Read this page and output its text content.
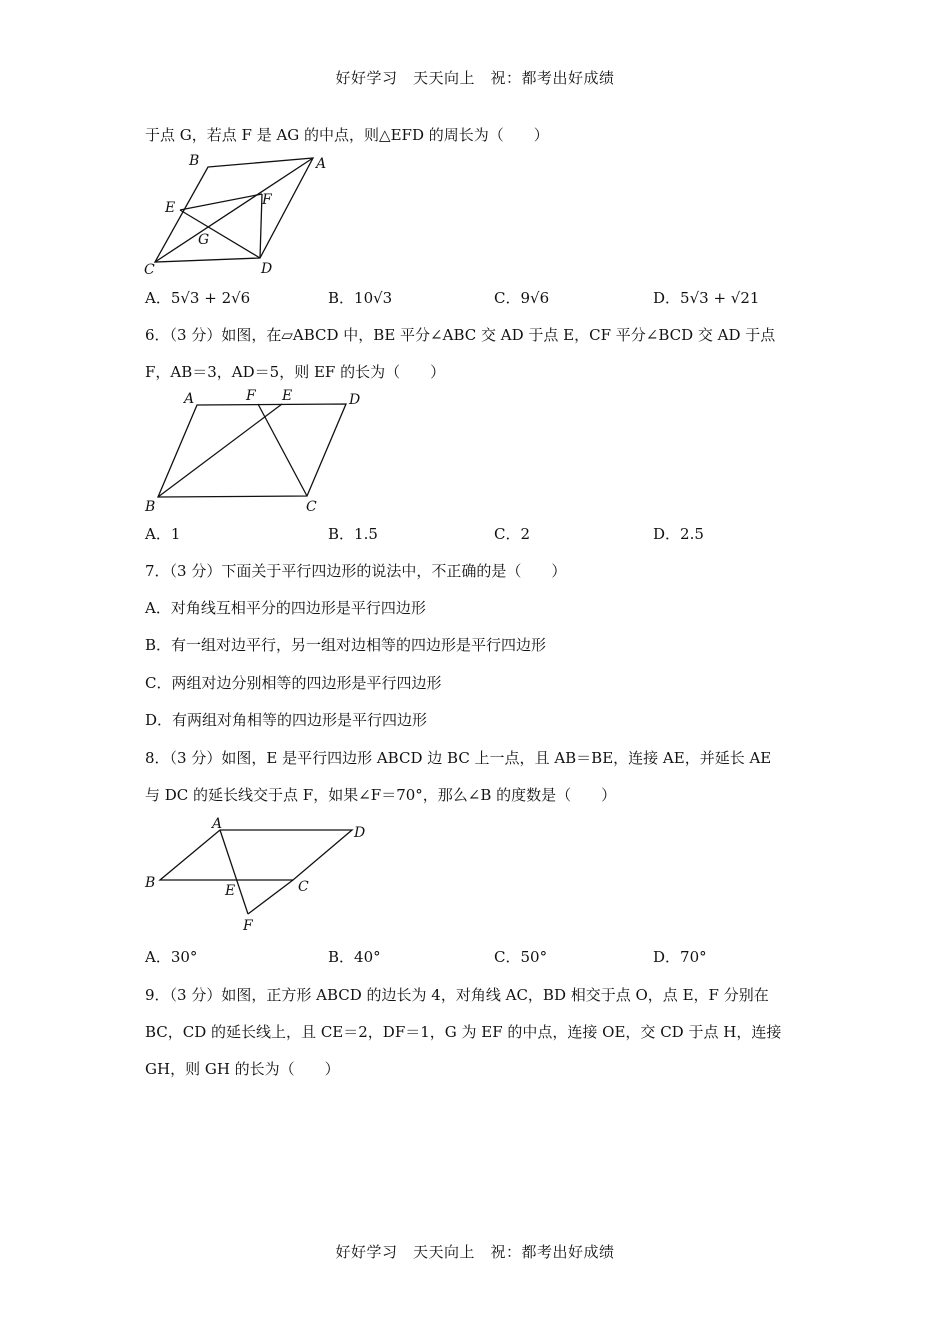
好好学习　天天向上　祝：都考出好成绩
于点 G，若点 F 是 AG 的中点，则△EFD 的周长为（　　）
B	A
E	F
G
C	D
A．5√3 + 2√6	B．10√3	C．9√6	D．5√3 + √21
6．（3 分）如图，在▱ABCD 中，BE 平分∠ABC 交 AD 于点 E，CF 平分∠BCD 交 AD 于点
F，AB＝3，AD＝5，则 EF 的长为（　　）
A	F E	D
B	C
A．1	B．1.5	C．2	D．2.5
7．（3 分）下面关于平行四边形的说法中，不正确的是（　　）
A．对角线互相平分的四边形是平行四边形
B．有一组对边平行，另一组对边相等的四边形是平行四边形
C．两组对边分别相等的四边形是平行四边形
D．有两组对角相等的四边形是平行四边形
8．（3 分）如图，E 是平行四边形 ABCD 边 BC 上一点，且 AB＝BE，连接 AE，并延长 AE
与 DC 的延长线交于点 F，如果∠F＝70°，那么∠B 的度数是（　　）
A
D
B	E	C
F
A．30°	B．40°	C．50°	D．70°
9．（3 分）如图，正方形 ABCD 的边长为 4，对角线 AC，BD 相交于点 O，点 E，F 分别在
BC，CD 的延长线上，且 CE＝2，DF＝1，G 为 EF 的中点，连接 OE，交 CD 于点 H，连接
GH，则 GH 的长为（　　）
好好学习　天天向上　祝：都考出好成绩
